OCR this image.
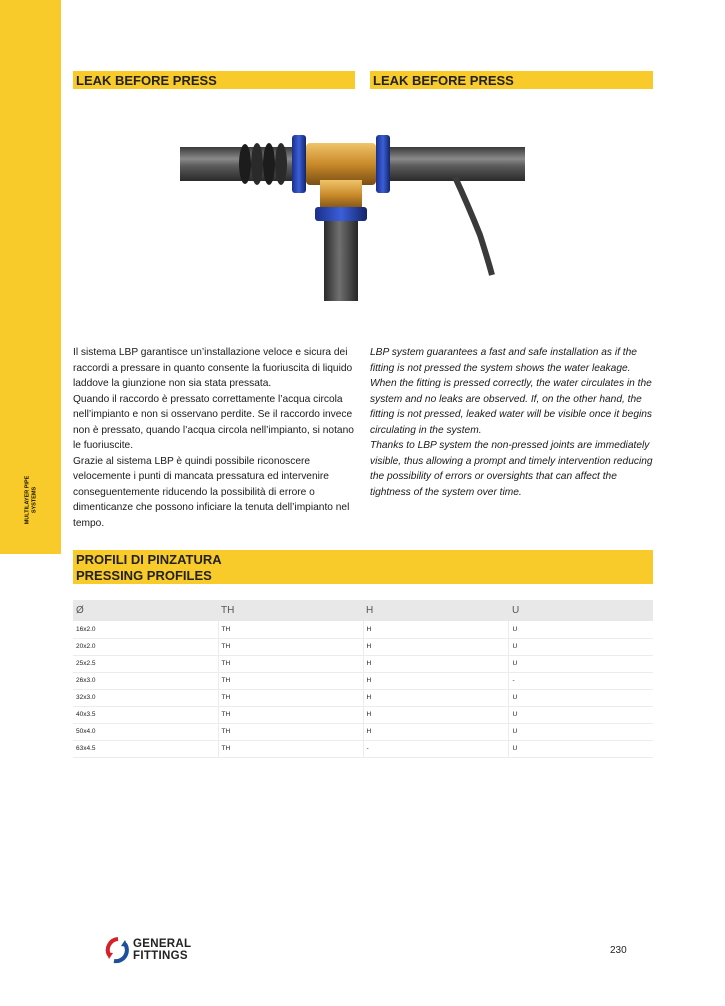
MULTILAYER PIPE SYSTEMS
LEAK BEFORE PRESS	LEAK BEFORE PRESS

Il sistema LBP garantisce un’installazione veloce e sicura dei raccordi a pressare in quanto consente la fuoriuscita di liquido laddove la giunzione non sia stata pressata.

Quando il raccordo è pressato correttamente l’acqua circola nell’impianto e non si osservano perdite. Se il raccordo invece non è pressato, quando l’acqua circola nell’impianto, si notano le fuoriuscite.

Grazie al sistema LBP è quindi possibile riconoscere velocemente i punti di mancata pressatura ed intervenire conseguentemente riducendo la possibilità di errore o dimenticanze che possono inficiare la tenuta dell’impianto nel tempo.

LBP system guarantees a fast and safe installation as if the fitting is not pressed the system shows the water leakage.

When the fitting is pressed correctly, the water circulates in the system and no leaks are observed. If, on the other hand, the fitting is not pressed, leaked water will be visible once it begins circulating in the system.

Thanks to LBP system the non-pressed joints are immediately visible, thus allowing a prompt and timely intervention reducing the possibility of errors or oversights that can affect the tightness of the system over time.

PROFILI DI PINZATURA
PRESSING PROFILES
Ø	TH	H	U
16x2.0	TH	H	U
20x2.0	TH	H	U
25x2.5	TH	H	U
26x3.0	TH	H	-
32x3.0	TH	H	U
40x3.5	TH	H	U
50x4.0	TH	H	U
63x4.5	TH	-	U
GENERAL
FITTINGS	230
